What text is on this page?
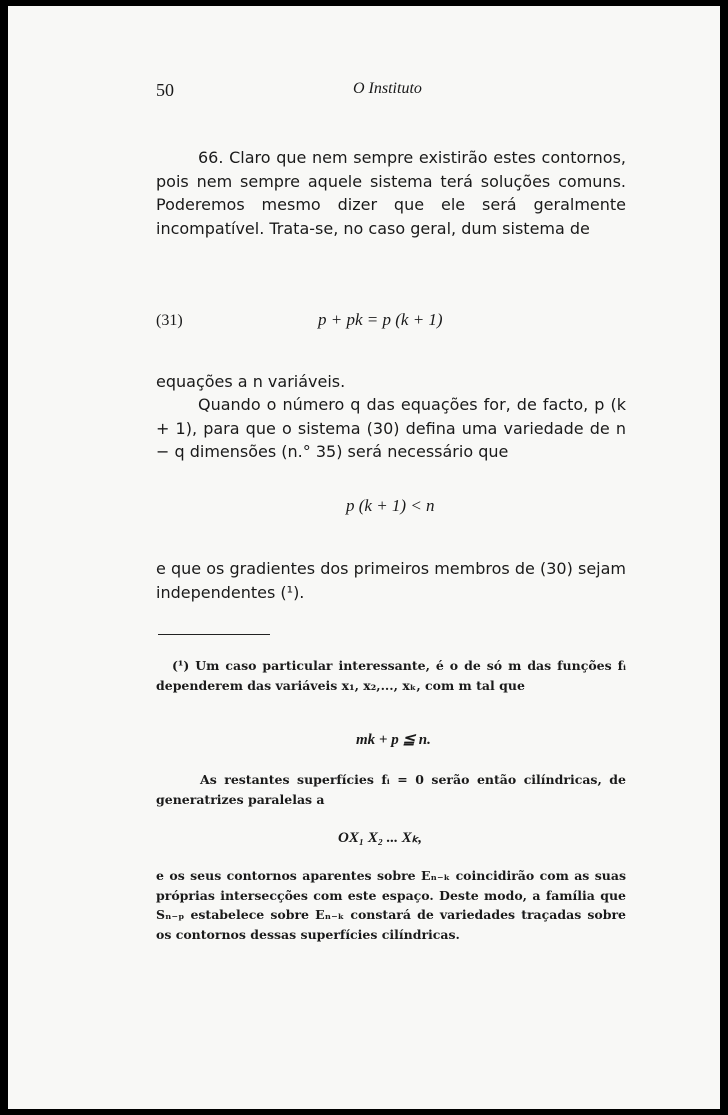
50	O Instituto

66. Claro que nem sempre existirão estes contornos, pois nem sempre aquele sistema terá soluções comuns. Poderemos mesmo dizer que ele será geralmente incompatível. Trata-se, no caso geral, dum sistema de

(31)	p + pk = p (k + 1)

equações a n variáveis.

Quando o número q das equações for, de facto, p (k + 1), para que o sistema (30) defina uma variedade de n − q dimensões (n.° 35) será necessário que

p (k + 1) < n

e que os gradientes dos primeiros membros de (30) sejam independentes (¹).

(¹) Um caso particular interessante, é o de só m das funções fᵢ dependerem das variáveis x₁, x₂,..., xₖ, com m tal que

mk + p ≦ n.

As restantes superfícies fᵢ = 0 serão então cilíndricas, de generatrizes paralelas a

OX₁ X₂ ... Xₖ,

e os seus contornos aparentes sobre Eₙ₋ₖ coincidirão com as suas próprias intersecções com este espaço. Deste modo, a família que Sₙ₋ₚ estabelece sobre Eₙ₋ₖ constará de variedades traçadas sobre os contornos dessas superfícies cilíndricas.
